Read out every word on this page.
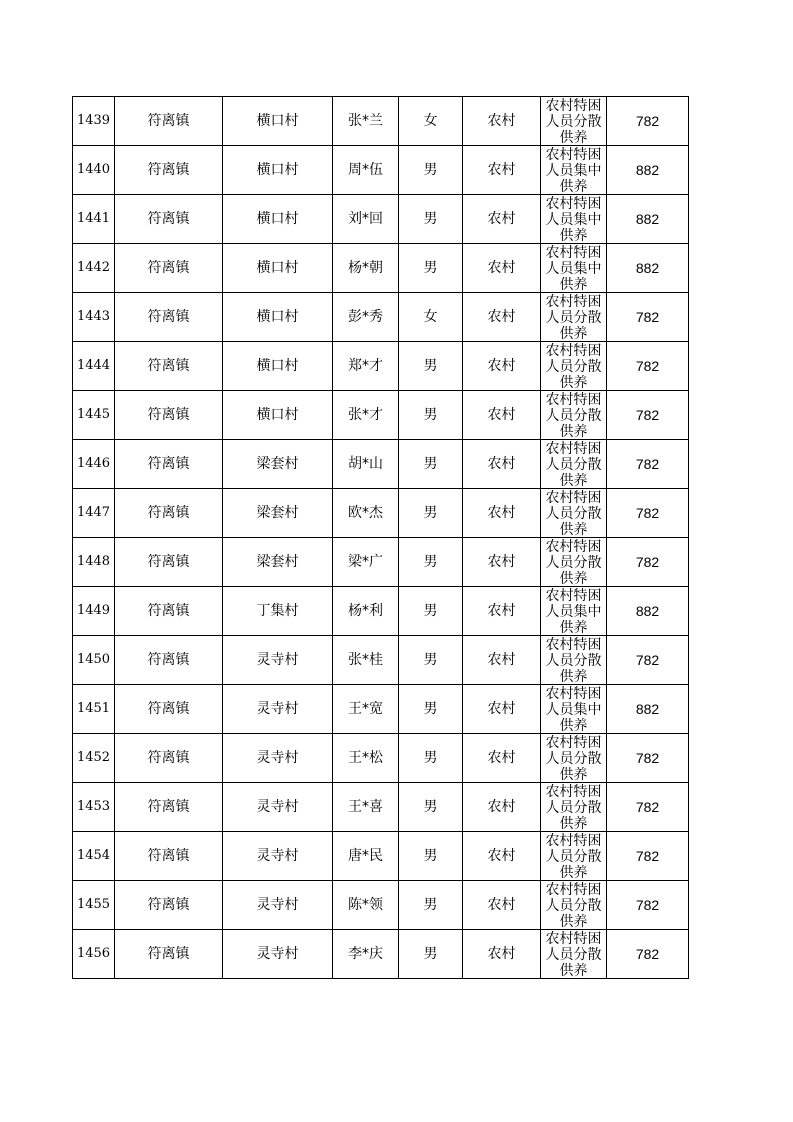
1439	符离镇	横口村	张*兰	女	农村	农村特困人员分散供养	782
1440	符离镇	横口村	周*伍	男	农村	农村特困人员集中供养	882
1441	符离镇	横口村	刘*回	男	农村	农村特困人员集中供养	882
1442	符离镇	横口村	杨*朝	男	农村	农村特困人员集中供养	882
1443	符离镇	横口村	彭*秀	女	农村	农村特困人员分散供养	782
1444	符离镇	横口村	郑*才	男	农村	农村特困人员分散供养	782
1445	符离镇	横口村	张*才	男	农村	农村特困人员分散供养	782
1446	符离镇	梁套村	胡*山	男	农村	农村特困人员分散供养	782
1447	符离镇	梁套村	欧*杰	男	农村	农村特困人员分散供养	782
1448	符离镇	梁套村	梁*广	男	农村	农村特困人员分散供养	782
1449	符离镇	丁集村	杨*利	男	农村	农村特困人员集中供养	882
1450	符离镇	灵寺村	张*桂	男	农村	农村特困人员分散供养	782
1451	符离镇	灵寺村	王*宽	男	农村	农村特困人员集中供养	882
1452	符离镇	灵寺村	王*松	男	农村	农村特困人员分散供养	782
1453	符离镇	灵寺村	王*喜	男	农村	农村特困人员分散供养	782
1454	符离镇	灵寺村	唐*民	男	农村	农村特困人员分散供养	782
1455	符离镇	灵寺村	陈*领	男	农村	农村特困人员分散供养	782
1456	符离镇	灵寺村	李*庆	男	农村	农村特困人员分散供养	782
